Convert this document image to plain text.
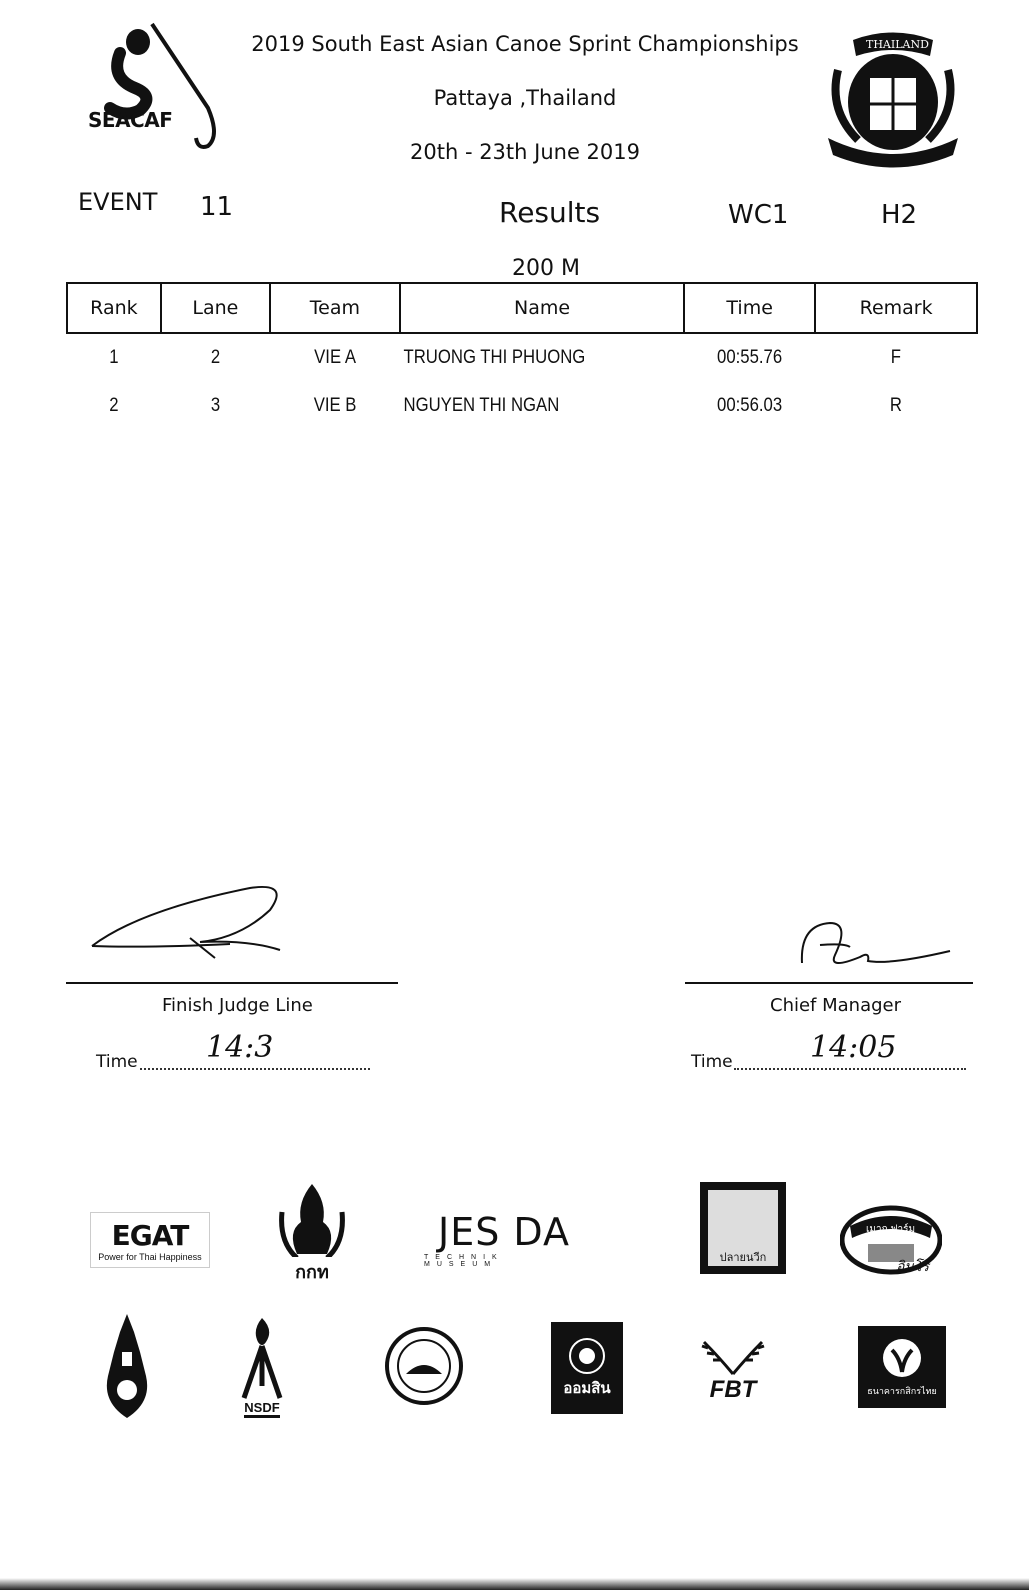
SEACAF
2019 South East Asian Canoe Sprint Championships
Pattaya ,Thailand
20th - 23th June 2019
THAILAND
EVENT 11	Results	WC1	H2
200 M
Rank	Lane	Team	Name	Time	Remark
1	2	VIE A	TRUONG THI PHUONG	00:55.76	F
2	3	VIE B	NGUYEN THI NGAN	00:56.03	R
Finish Judge Line
Time 14:3
Chief Manager
Time	14:05
EGAT
Power for Thai Happiness
กกท
JES DA
TECHNIK MUSEUM
ปลายนวีก
เมาก ฟาร์ม
อินโร์
NSDF
ออมสิน	FBT	ธนาคารกสิกรไทย
